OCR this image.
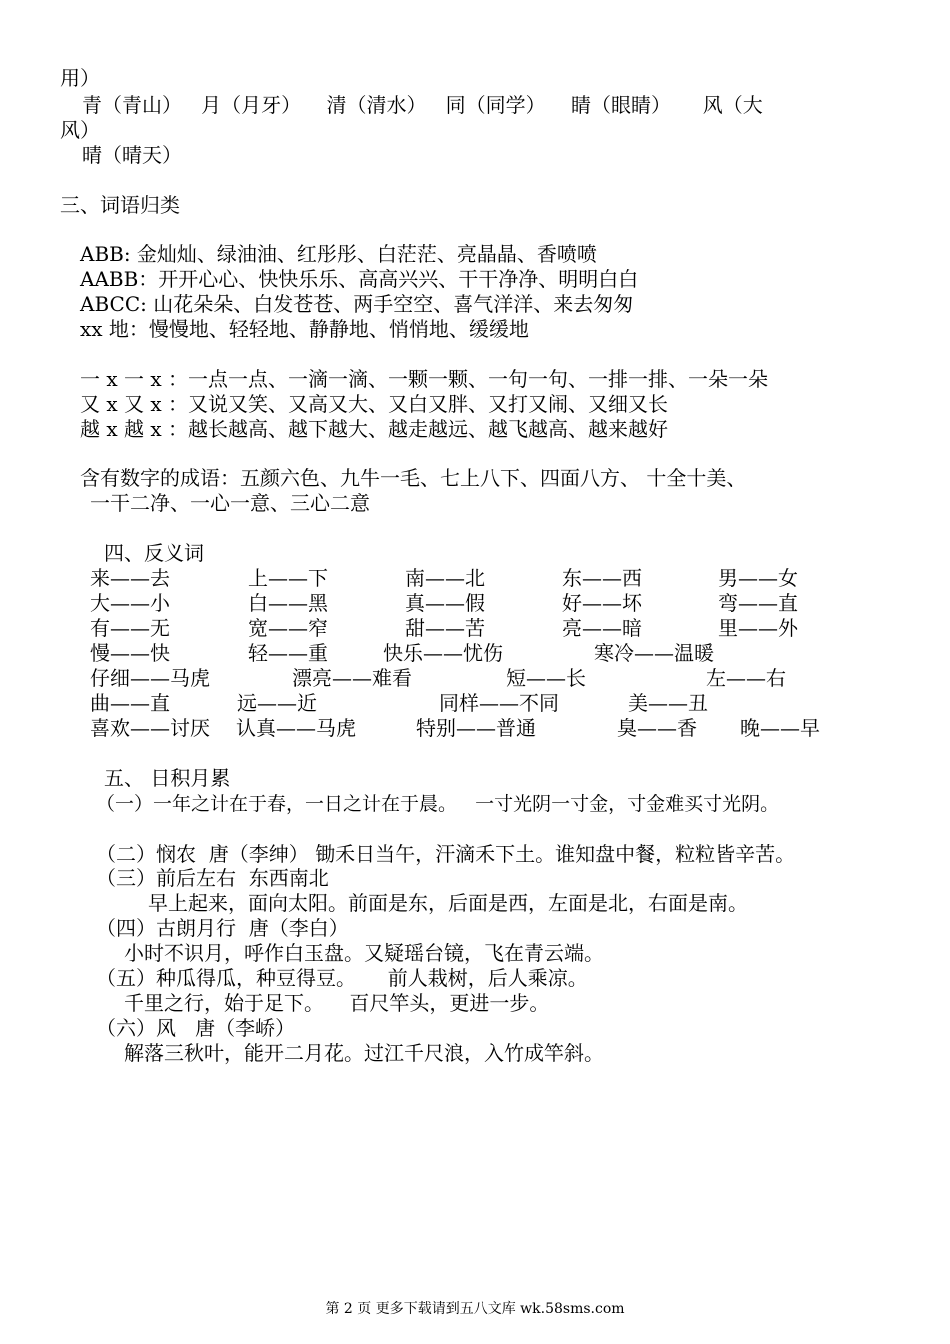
用）
青（青山）   月（月牙）    清（清水）   同（同学）    睛（眼睛）     风（大
风）
晴（晴天）
三、词语归类
ABB: 金灿灿、绿油油、红彤彤、白茫茫、亮晶晶、香喷喷
AABB：开开心心、快快乐乐、高高兴兴、干干净净、明明白白
ABCC: 山花朵朵、白发苍苍、两手空空、喜气洋洋、来去匆匆
xx 地：慢慢地、轻轻地、静静地、悄悄地、缓缓地
一 x 一 x ：一点一点、一滴一滴、一颗一颗、一句一句、一排一排、一朵一朵
又 x 又 x ：又说又笑、又高又大、又白又胖、又打又闹、又细又长
越 x 越 x ：越长越高、越下越大、越走越远、越飞越高、越来越好
含有数字的成语：五颜六色、九牛一毛、七上八下、四面八方、 十全十美、
一干二净、一心一意、三心二意
四、反义词
来——去	上——下	南——北	东——西	男——女
大——小	白——黑	真——假	好——坏	弯——直
有——无	宽——窄	甜——苦	亮——暗	里——外
慢——快	轻——重	快乐——忧伤	寒冷——温暖
仔细——马虎	漂亮——难看	短——长	左——右
曲——直	远——近	同样——不同	美——丑
喜欢——讨厌 认真——马虎	特别——普通	臭——香 晚——早
五、 日积月累
（一）一年之计在于春，一日之计在于晨。   一寸光阴一寸金，寸金难买寸光阴。
（二）悯农  唐（李绅） 锄禾日当午，汗滴禾下土。谁知盘中餐，粒粒皆辛苦。
（三）前后左右  东西南北
早上起来，面向太阳。前面是东，后面是西，左面是北，右面是南。
（四）古朗月行  唐（李白）
小时不识月，呼作白玉盘。又疑瑶台镜，飞在青云端。
（五）种瓜得瓜，种豆得豆。     前人栽树，后人乘凉。
千里之行，始于足下。    百尺竿头，更进一步。
（六）风   唐（李峤）
解落三秋叶，能开二月花。过江千尺浪，入竹成竿斜。
第 2 页 更多下载请到五八文库 wk.58sms.com
